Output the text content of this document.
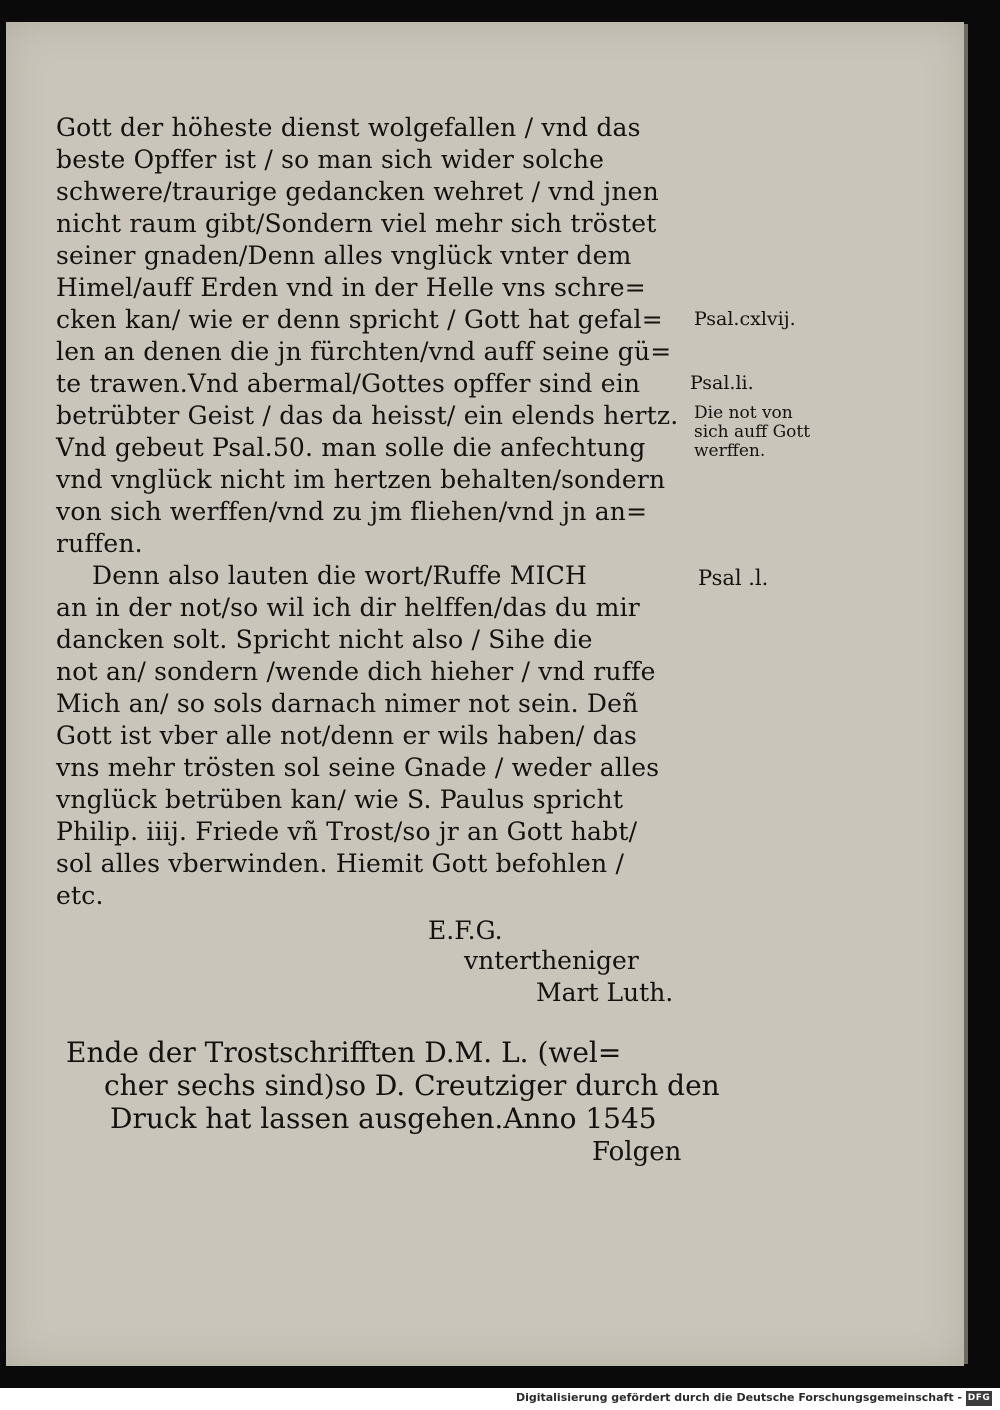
Gott der höheste dienst wolgefallen / vnd das
beste Opffer ist / so man sich wider solche
schwere/traurige gedancken wehret / vnd jnen
nicht raum gibt/Sondern viel mehr sich tröstet
seiner gnaden/Denn alles vnglück vnter dem
Himel/auff Erden vnd in der Helle vns schre=
cken kan/ wie er denn spricht / Gott hat gefal=
len an denen die jn fürchten/vnd auff seine gü=
te trawen.Vnd abermal/Gottes opffer sind ein
betrübter Geist / das da heisst/ ein elends hertz.
Vnd gebeut Psal.50. man solle die anfechtung
vnd vnglück nicht im hertzen behalten/sondern
von sich werffen/vnd zu jm fliehen/vnd jn an=
ruffen.
Denn also lauten die wort/Ruffe MICH
an in der not/so wil ich dir helffen/das du mir
dancken solt. Spricht nicht also / Sihe die
not an/ sondern /wende dich hieher / vnd ruffe
Mich an/ so sols darnach nimer not sein. Deñ
Gott ist vber alle not/denn er wils haben/ das
vns mehr trösten sol seine Gnade / weder alles
vnglück betrüben kan/ wie S. Paulus spricht
Philip. iiij. Friede vñ Trost/so jr an Gott habt/
sol alles vberwinden. Hiemit Gott befohlen /
etc.
Psal.cxlvij.
Psal.li.
Die not von
sich auff Gott
werffen.
Psal .l.
E.F.G.
vntertheniger
Mart Luth.
Ende der Trostschrifften D.M. L. (wel=
cher sechs sind)so D. Creutziger durch den
Druck hat lassen ausgehen.Anno 1545
Folgen
Digitalisierung gefördert durch die Deutsche Forschungsgemeinschaft - DFG
